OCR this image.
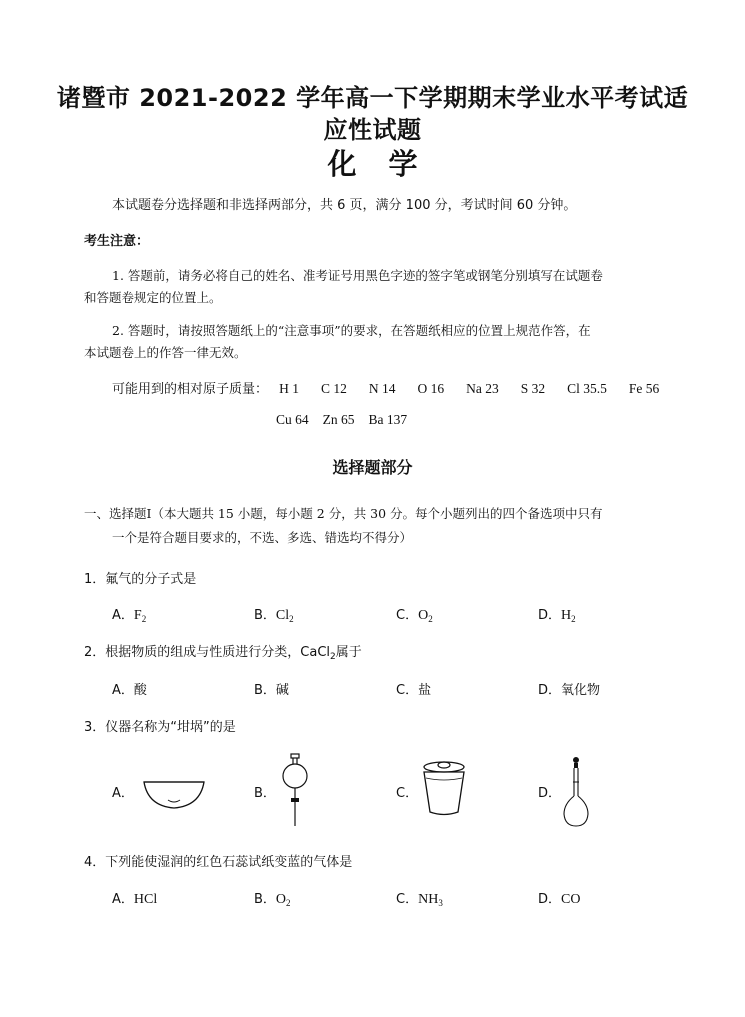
诸暨市 2021-2022 学年高一下学期期末学业水平考试适
应性试题
化 学
本试题卷分选择题和非选择两部分，共 6 页，满分 100 分，考试时间 60 分钟。
考生注意：
1. 答题前，请务必将自己的姓名、准考证号用黑色字迹的签字笔或钢笔分别填写在试题卷
和答题卷规定的位置上。
2. 答题时，请按照答题纸上的“注意事项”的要求，在答题纸相应的位置上规范作答，在
本试题卷上的作答一律无效。
可能用到的相对原子质量： H 1 C 12 N 14 O 16 Na 23 S 32 Cl 35.5 Fe 56
Cu 64 Zn 65 Ba 137
选择题部分
一、选择题Ⅰ（本大题共 15 小题，每小题 2 分，共 30 分。每个小题列出的四个备选项中只有
一个是符合题目要求的，不选、多选、错选均不得分）
1．氟气的分子式是
A．$F_2$	B．$Cl_2$	C．$O_2$	D．$H_2$
2．根据物质的组成与性质进行分类，CaCl$_2$属于
A．酸	B．碱	C．盐	D．氧化物
3．仪器名称为“坩埚”的是
A．	B．	C．	D．
4．下列能使湿润的红色石蕊试纸变蓝的气体是
A．HCl	B．$O_2$	C．$NH_3$	D．CO
